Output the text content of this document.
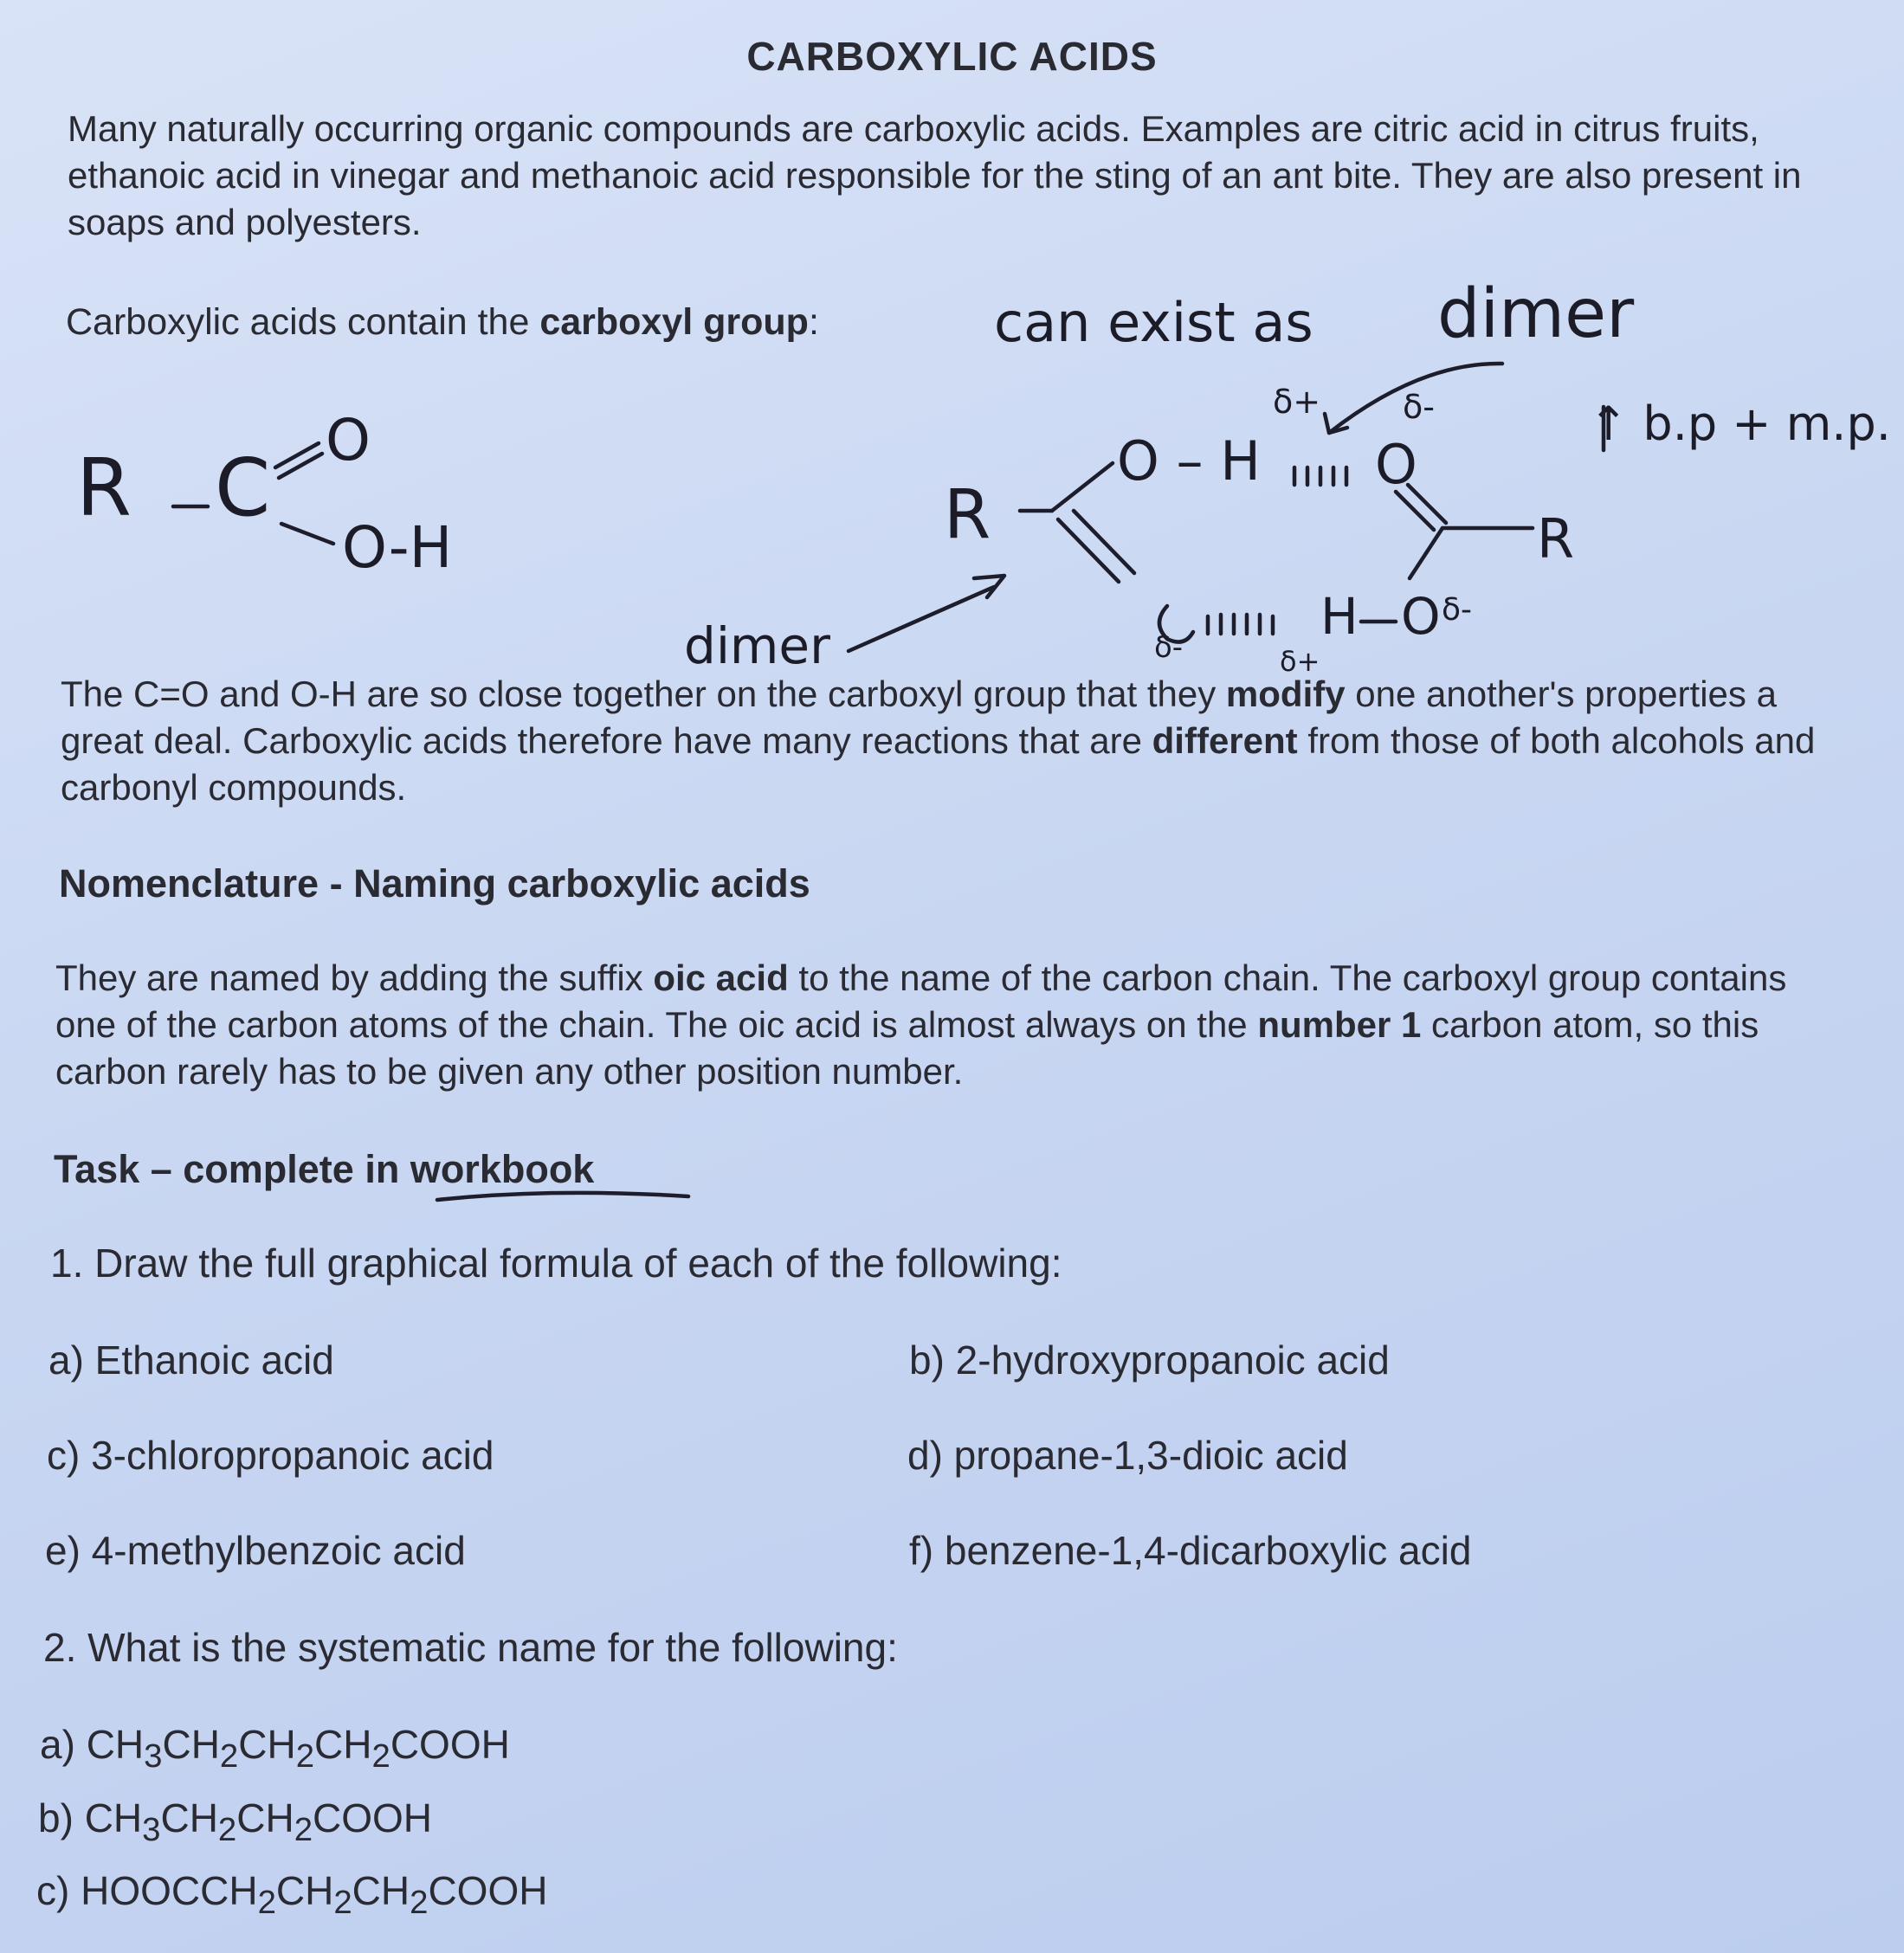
CARBOXYLIC ACIDS
Many naturally occurring organic compounds are carboxylic acids. Examples are citric acid in citrus fruits, ethanoic acid in vinegar and methanoic acid responsible for the sting of an ant bite. They are also present in soaps and polyesters.
Carboxylic acids contain the carboxyl group:	can exist as dimer
↑ b.p + m.p.
R C
O
O-H	R
O – H O
R
H O
δ+ δ-
δ-
δ+
δ-
dimer
The C=O and O-H are so close together on the carboxyl group that they modify one another's properties a great deal. Carboxylic acids therefore have many reactions that are different from those of both alcohols and carbonyl compounds.
Nomenclature - Naming carboxylic acids
They are named by adding the suffix oic acid to the name of the carbon chain. The carboxyl group contains one of the carbon atoms of the chain. The oic acid is almost always on the number 1 carbon atom, so this carbon rarely has to be given any other position number.
Task – complete in workbook
1. Draw the full graphical formula of each of the following:
a) Ethanoic acid	b) 2-hydroxypropanoic acid
c) 3-chloropropanoic acid	d) propane-1,3-dioic acid
e) 4-methylbenzoic acid	f) benzene-1,4-dicarboxylic acid
2. What is the systematic name for the following:
a) $CH_3CH_2CH_2CH_2COOH$
b) $CH_3CH_2CH_2COOH$
c) $HOOCCH_2CH_2CH_2COOH$
